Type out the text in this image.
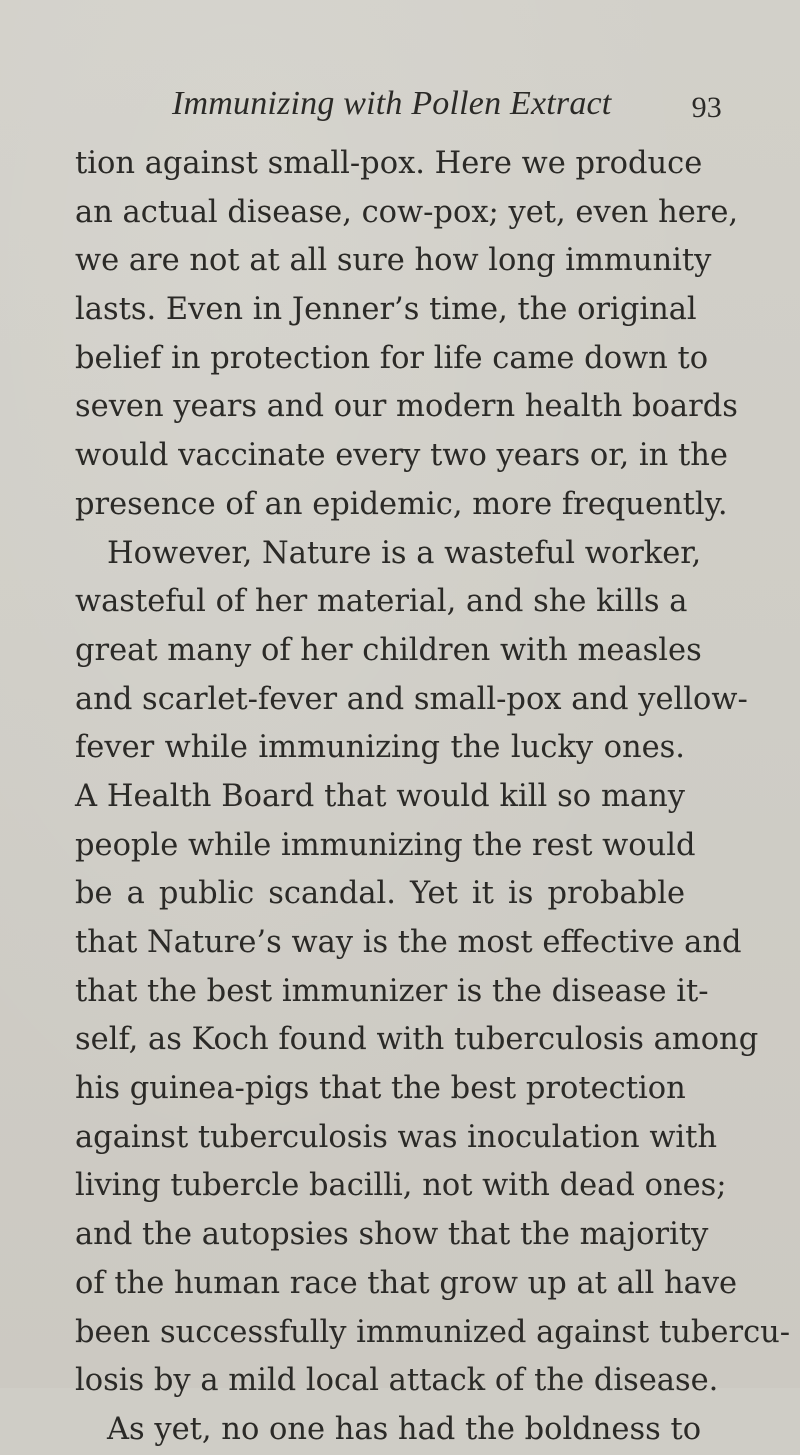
Immunizing with Pollen Extract	93
tion against small-pox. Here we produce
an actual disease, cow-pox; yet, even here,
we are not at all sure how long immunity
lasts. Even in Jenner’s time, the original
belief in protection for life came down to
seven years and our modern health boards
would vaccinate every two years or, in the
presence of an epidemic, more frequently.
However, Nature is a wasteful worker,
wasteful of her material, and she kills a
great many of her children with measles
and scarlet-fever and small-pox and yellow-
fever while immunizing the lucky ones.
A Health Board that would kill so many
people while immunizing the rest would
be a public scandal. Yet it is probable
that Nature’s way is the most effective and
that the best immunizer is the disease it-
self, as Koch found with tuberculosis among
his guinea-pigs that the best protection
against tuberculosis was inoculation with
living tubercle bacilli, not with dead ones;
and the autopsies show that the majority
of the human race that grow up at all have
been successfully immunized against tubercu-
losis by a mild local attack of the disease.
As yet, no one has had the boldness to
